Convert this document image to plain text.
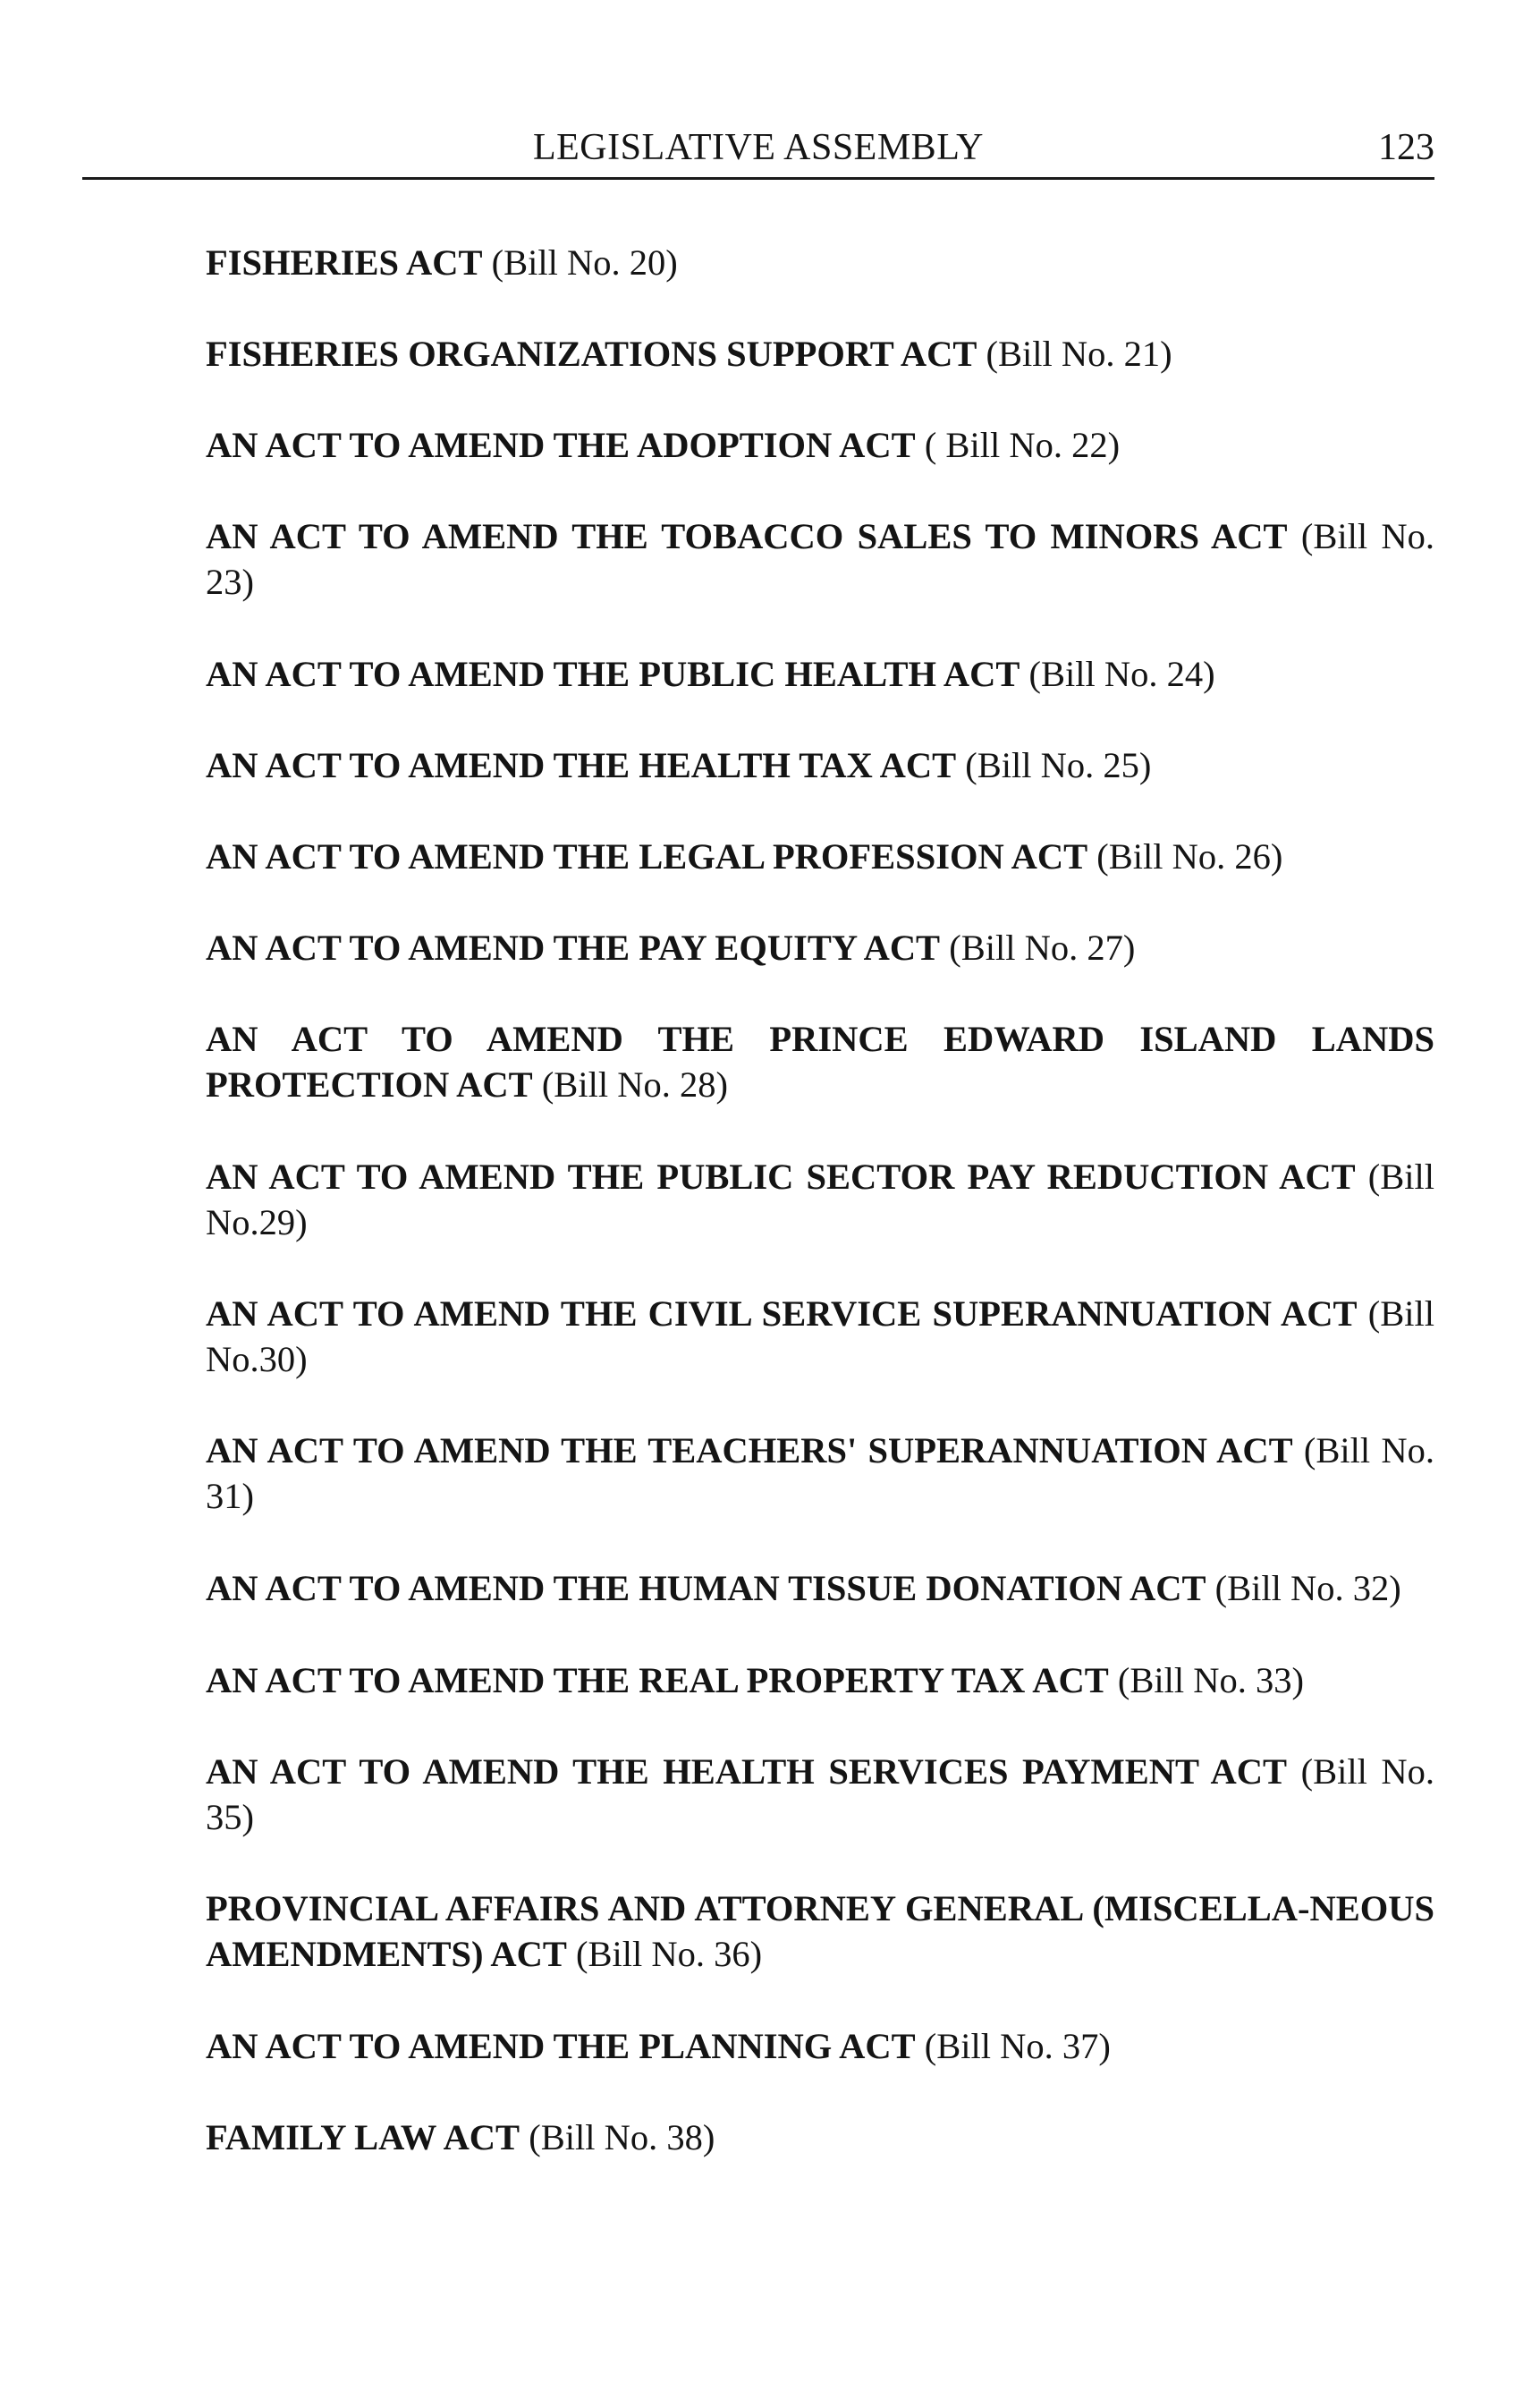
LEGISLATIVE ASSEMBLY	123
FISHERIES ACT (Bill No. 20)
FISHERIES ORGANIZATIONS SUPPORT ACT (Bill No. 21)
AN ACT TO AMEND THE ADOPTION ACT ( Bill No. 22)
AN ACT TO AMEND THE TOBACCO SALES TO MINORS ACT (Bill No. 23)
AN ACT TO AMEND THE PUBLIC HEALTH ACT (Bill No. 24)
AN ACT TO AMEND THE HEALTH TAX ACT (Bill No. 25)
AN ACT TO AMEND THE LEGAL PROFESSION ACT (Bill No. 26)
AN ACT TO AMEND THE PAY EQUITY ACT (Bill No. 27)
AN ACT TO AMEND THE PRINCE EDWARD ISLAND LANDS PROTECTION ACT (Bill No. 28)
AN ACT TO AMEND THE PUBLIC SECTOR PAY REDUCTION ACT (Bill No.29)
AN ACT TO AMEND THE CIVIL SERVICE SUPERANNUATION ACT (Bill No.30)
AN ACT TO AMEND THE TEACHERS' SUPERANNUATION ACT (Bill No. 31)
AN ACT TO AMEND THE HUMAN TISSUE DONATION ACT (Bill No. 32)
AN ACT TO AMEND THE REAL PROPERTY TAX ACT (Bill No. 33)
AN ACT TO AMEND THE HEALTH SERVICES PAYMENT ACT (Bill No. 35)
PROVINCIAL AFFAIRS AND ATTORNEY GENERAL (MISCELLA-NEOUS AMENDMENTS) ACT (Bill No. 36)
AN ACT TO AMEND THE PLANNING ACT (Bill No. 37)
FAMILY LAW ACT (Bill No. 38)
